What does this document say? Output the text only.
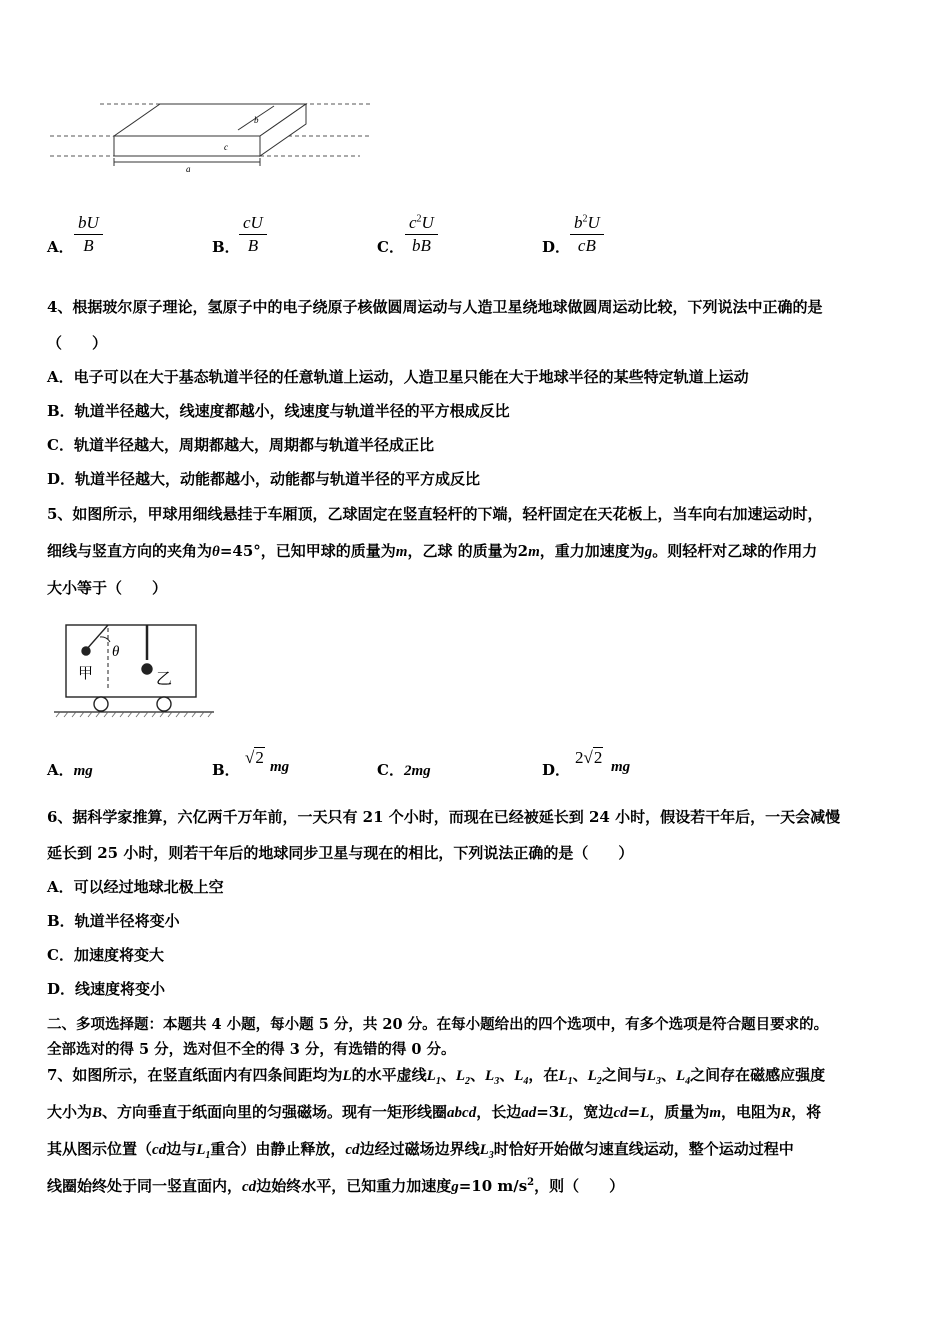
a
b
c
A． $\frac{bU}{B}$	B． $\frac{cU}{B}$	C． $\frac{c^2U}{bB}$	D． $\frac{b^2U}{cB}$
4、根据玻尔原子理论，氢原子中的电子绕原子核做圆周运动与人造卫星绕地球做圆周运动比较，下列说法中正确的是
（　　）
A．电子可以在大于基态轨道半径的任意轨道上运动，人造卫星只能在大于地球半径的某些特定轨道上运动
B．轨道半径越大，线速度都越小，线速度与轨道半径的平方根成反比
C．轨道半径越大，周期都越大，周期都与轨道半径成正比
D．轨道半径越大，动能都越小，动能都与轨道半径的平方成反比
5、如图所示，甲球用细线悬挂于车厢顶，乙球固定在竖直轻杆的下端，轻杆固定在天花板上，当车向右加速运动时，
细线与竖直方向的夹角为θ=45°，已知甲球的质量为m，乙球 的质量为2m，重力加速度为g。则轻杆对乙球的作用力
大小等于（　　）
甲	乙
θ
A．mg	B．
√2 mg	C．2mg	D．
2√2 mg
6、据科学家推算，六亿两千万年前，一天只有 21 个小时，而现在已经被延长到 24 小时，假设若干年后，一天会减慢
延长到 25 小时，则若干年后的地球同步卫星与现在的相比，下列说法正确的是（　　）
A．可以经过地球北极上空
B．轨道半径将变小
C．加速度将变大
D．线速度将变小
二、多项选择题：本题共 4 小题，每小题 5 分，共 20 分。在每小题给出的四个选项中，有多个选项是符合题目要求的。
全部选对的得 5 分，选对但不全的得 3 分，有选错的得 0 分。
7、如图所示，在竖直纸面内有四条间距均为L的水平虚线$L_1$、$L_2$、$L_3$、$L_4$，在$L_1$、$L_2$之间与$L_3$、$L_4$之间存在磁感应强度
大小为B、方向垂直于纸面向里的匀强磁场。现有一矩形线圈abcd，长边ad=3L，宽边cd=L，质量为m，电阻为R，将
其从图示位置（cd边与$L_1$重合）由静止释放，cd边经过磁场边界线$L_3$时恰好开始做匀速直线运动，整个运动过程中
线圈始终处于同一竖直面内，cd边始终水平，已知重力加速度g=10 $m/s^2$，则（　　）
